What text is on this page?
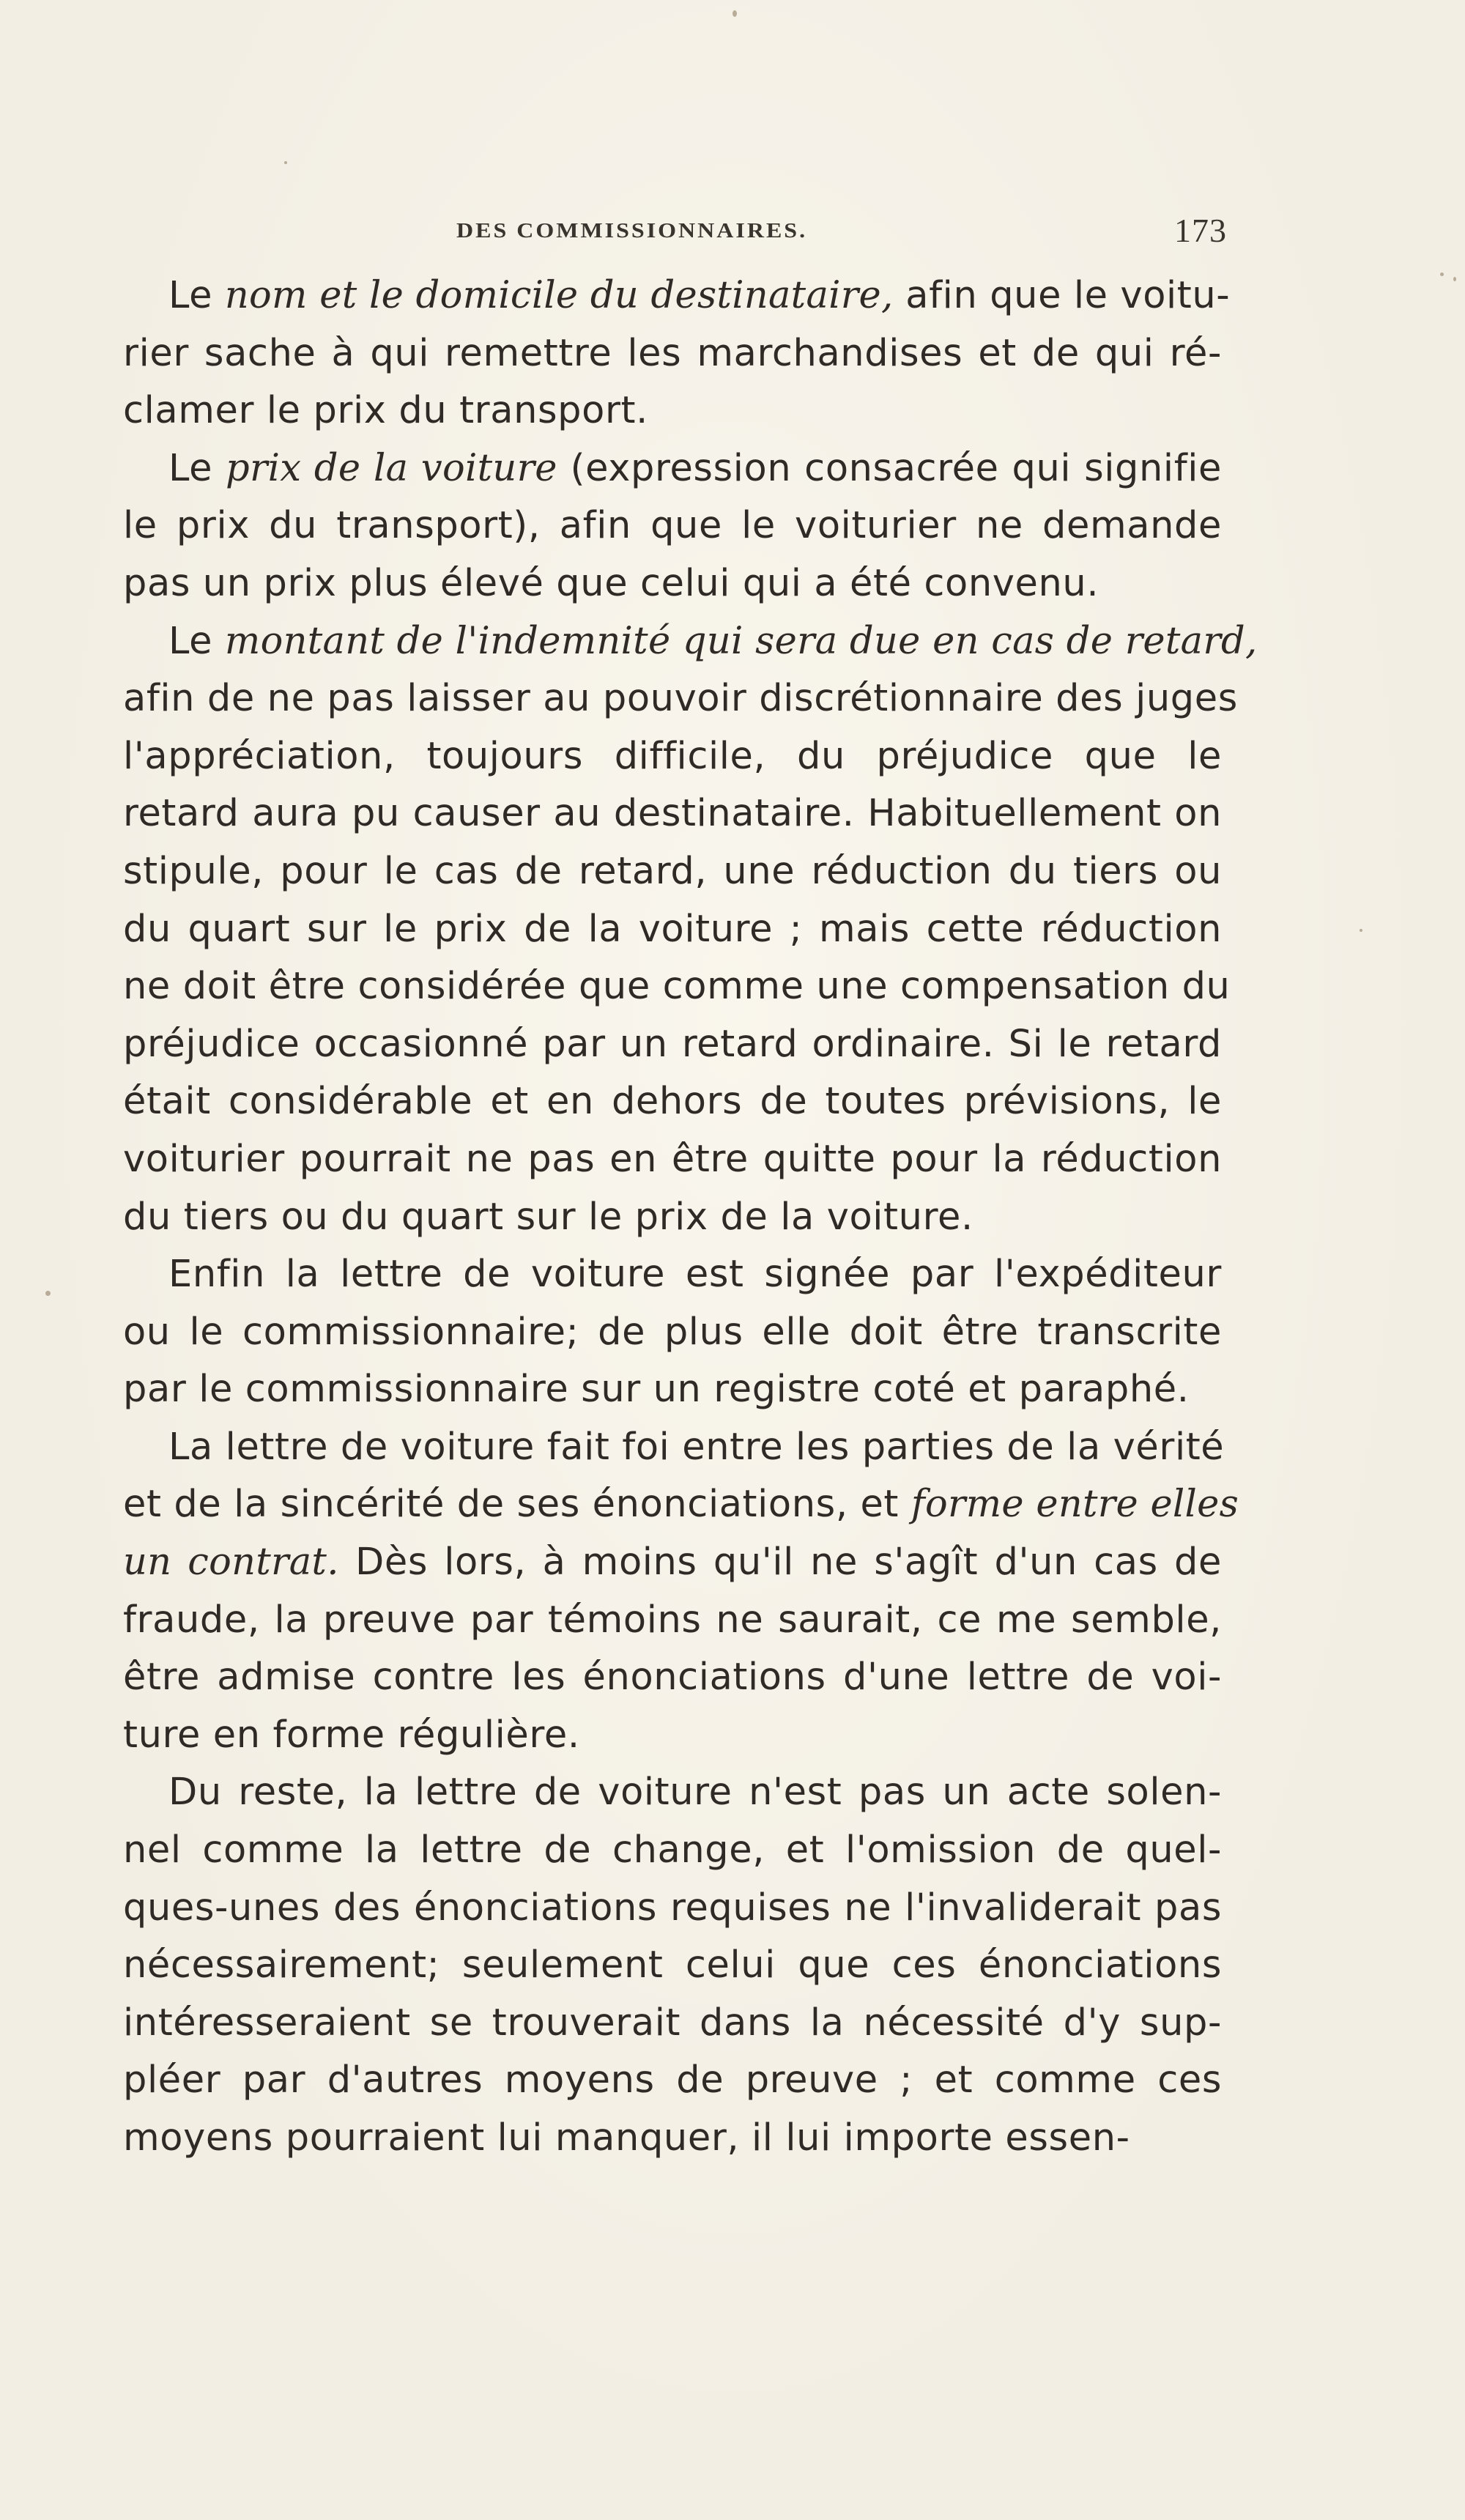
DES COMMISSIONNAIRES.	173
Le nom et le domicile du destinataire, afin que le voitu-
rier sache à qui remettre les marchandises et de qui ré-
clamer le prix du transport.
Le prix de la voiture (expression consacrée qui signifie
le prix du transport), afin que le voiturier ne demande
pas un prix plus élevé que celui qui a été convenu.
Le montant de l'indemnité qui sera due en cas de retard,
afin de ne pas laisser au pouvoir discrétionnaire des juges
l'appréciation, toujours difficile, du préjudice que le
retard aura pu causer au destinataire. Habituellement on
stipule, pour le cas de retard, une réduction du tiers ou
du quart sur le prix de la voiture ; mais cette réduction
ne doit être considérée que comme une compensation du
préjudice occasionné par un retard ordinaire. Si le retard
était considérable et en dehors de toutes prévisions, le
voiturier pourrait ne pas en être quitte pour la réduction
du tiers ou du quart sur le prix de la voiture.
Enfin la lettre de voiture est signée par l'expéditeur
ou le commissionnaire; de plus elle doit être transcrite
par le commissionnaire sur un registre coté et paraphé.
La lettre de voiture fait foi entre les parties de la vérité
et de la sincérité de ses énonciations, et forme entre elles
un contrat. Dès lors, à moins qu'il ne s'agît d'un cas de
fraude, la preuve par témoins ne saurait, ce me semble,
être admise contre les énonciations d'une lettre de voi-
ture en forme régulière.
Du reste, la lettre de voiture n'est pas un acte solen-
nel comme la lettre de change, et l'omission de quel-
ques-unes des énonciations requises ne l'invaliderait pas
nécessairement; seulement celui que ces énonciations
intéresseraient se trouverait dans la nécessité d'y sup-
pléer par d'autres moyens de preuve ; et comme ces
moyens pourraient lui manquer, il lui importe essen-
